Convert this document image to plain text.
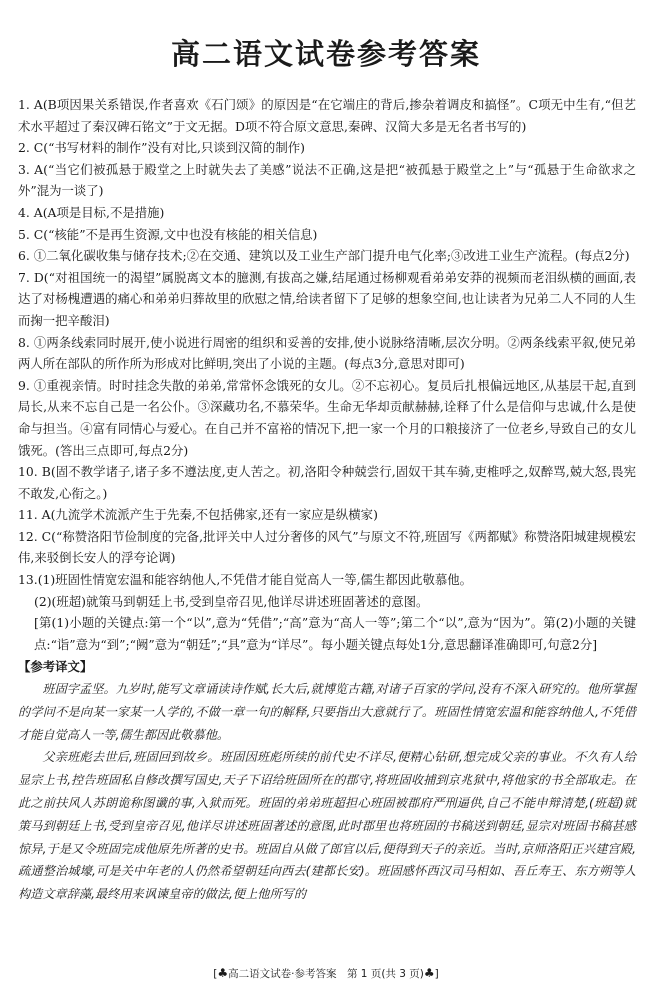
高二语文试卷参考答案

1. A(B项因果关系错误,作者喜欢《石门颂》的原因是“在它端庄的背后,掺杂着调皮和搞怪”。C项无中生有,“但艺术水平超过了秦汉碑石铭文”于文无据。D项不符合原文意思,秦碑、汉简大多是无名者书写的)

2. C(“书写材料的制作”没有对比,只谈到汉简的制作)

3. A(“当它们被孤悬于殿堂之上时就失去了美感”说法不正确,这是把“被孤悬于殿堂之上”与“孤悬于生命欲求之外”混为一谈了)

4. A(A项是目标,不是措施)

5. C(“核能”不是再生资源,文中也没有核能的相关信息)

6. ①二氧化碳收集与储存技术;②在交通、建筑以及工业生产部门提升电气化率;③改进工业生产流程。(每点2分)

7. D(“对祖国统一的渴望”属脱离文本的臆测,有拔高之嫌,结尾通过杨柳观看弟弟安莽的视频而老泪纵横的画面,表达了对杨槐遭遇的痛心和弟弟归葬故里的欣慰之情,给读者留下了足够的想象空间,也让读者为兄弟二人不同的人生而掬一把辛酸泪)

8. ①两条线索同时展开,使小说进行周密的组织和妥善的安排,使小说脉络清晰,层次分明。②两条线索平叙,使兄弟两人所在部队的所作所为形成对比鲜明,突出了小说的主题。(每点3分,意思对即可)

9. ①重视亲情。时时挂念失散的弟弟,常常怀念饿死的女儿。②不忘初心。复员后扎根偏远地区,从基层干起,直到局长,从来不忘自己是一名公仆。③深藏功名,不慕荣华。生命无华却贡献赫赫,诠释了什么是信仰与忠诚,什么是使命与担当。④富有同情心与爱心。在自己并不富裕的情况下,把一家一个月的口粮接济了一位老乡,导致自己的女儿饿死。(答出三点即可,每点2分)

10. B(固不教学诸子,诸子多不遵法度,吏人苦之。初,洛阳令种兢尝行,固奴干其车骑,吏椎呼之,奴醉骂,兢大怒,畏宪不敢发,心衔之。)

11. A(九流学术流派产生于先秦,不包括佛家,还有一家应是纵横家)

12. C(“称赞洛阳节俭制度的完备,批评关中人过分奢侈的风气”与原文不符,班固写《两都赋》称赞洛阳城建规模宏伟,来驳倒长安人的浮夸论调)

13.(1)班固性情宽宏温和能容纳他人,不凭借才能自觉高人一等,儒生都因此敬慕他。

(2)(班超)就策马到朝廷上书,受到皇帝召见,他详尽讲述班固著述的意图。

[第(1)小题的关键点:第一个“以”,意为“凭借”;“高”意为“高人一等”;第二个“以”,意为“因为”。第(2)小题的关键点:“诣”意为“到”;“阙”意为“朝廷”;“具”意为“详尽”。每小题关键点每处1分,意思翻译准确即可,句意2分]

【参考译文】

班固字孟坚。九岁时,能写文章诵读诗作赋,长大后,就博览古籍,对诸子百家的学问,没有不深入研究的。他所掌握的学问不是向某一家某一人学的,不做一章一句的解释,只要指出大意就行了。班固性情宽宏温和能容纳他人,不凭借才能自觉高人一等,儒生都因此敬慕他。

父亲班彪去世后,班固回到故乡。班固因班彪所续的前代史不详尽,便精心钻研,想完成父亲的事业。不久有人给显宗上书,控告班固私自修改撰写国史,天子下诏给班固所在的郡守,将班固收捕到京兆狱中,将他家的书全部取走。在此之前扶风人苏朗诡称图谶的事,入狱而死。班固的弟弟班超担心班固被郡府严刑逼供,自己不能申辩清楚,(班超)就策马到朝廷上书,受到皇帝召见,他详尽讲述班固著述的意图,此时郡里也将班固的书稿送到朝廷,显宗对班固书稿甚感惊异,于是又令班固完成他原先所著的史书。班固自从做了郎官以后,便得到天子的亲近。当时,京师洛阳正兴建宫殿,疏通整治城壕,可是关中年老的人仍然希望朝廷向西去(建都长安)。班固感怀西汉司马相如、吾丘寿王、东方朔等人构造文章辞藻,最终用来讽谏皇帝的做法,便上他所写的

[♣高二语文试卷·参考答案　第 1 页(共 3 页)♣]
